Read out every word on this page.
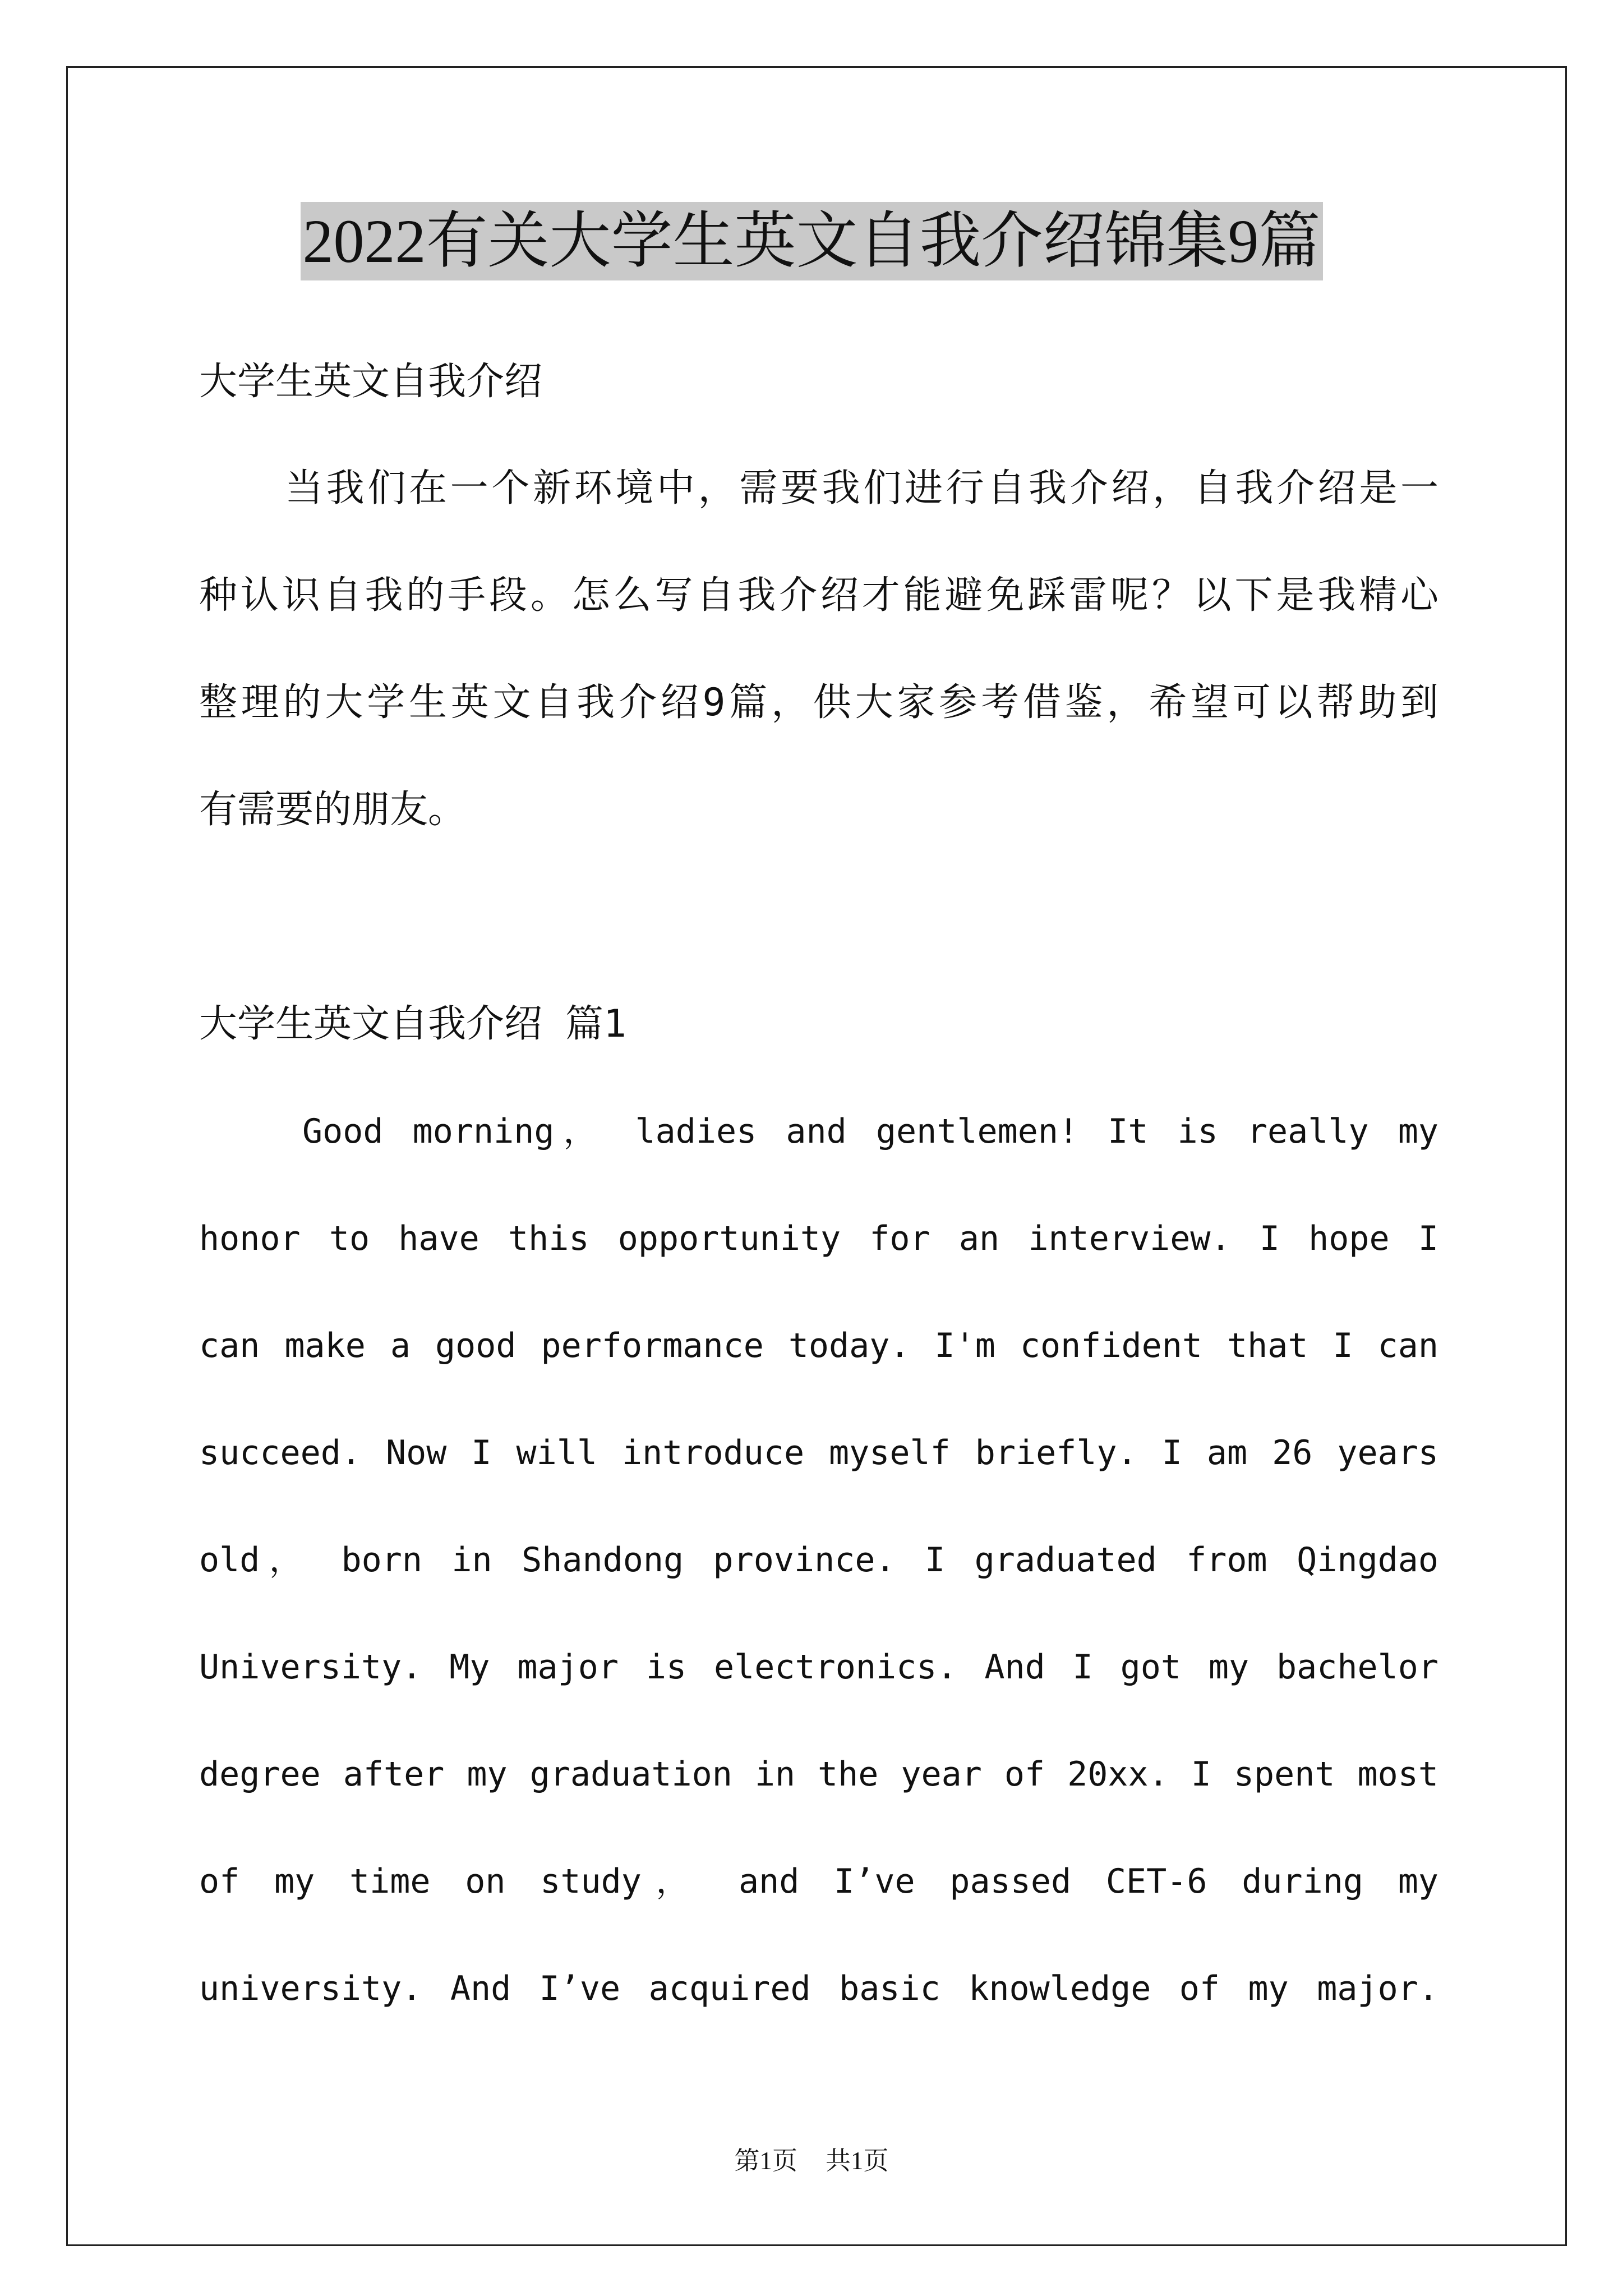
2022有关大学生英文自我介绍锦集9篇
大学生英文自我介绍
当我们在一个新环境中，需要我们进行自我介绍，自我介绍是一
种认识自我的手段。怎么写自我介绍才能避免踩雷呢？以下是我精心
整理的大学生英文自我介绍9篇，供大家参考借鉴，希望可以帮助到
有需要的朋友。
大学生英文自我介绍 篇1
Good morning， ladies and gentlemen! It is really my
honor to have this opportunity for an interview. I hope I
can make a good performance today. I'm confident that I can
succeed. Now I will introduce myself briefly. I am 26 years
old， born in Shandong province. I graduated from Qingdao
University. My major is electronics. And I got my bachelor
degree after my graduation in the year of 20xx. I spent most
of my time on study， and I’ve passed CET-6 during my
university. And I’ve acquired basic knowledge of my major.
第1页 共1页
